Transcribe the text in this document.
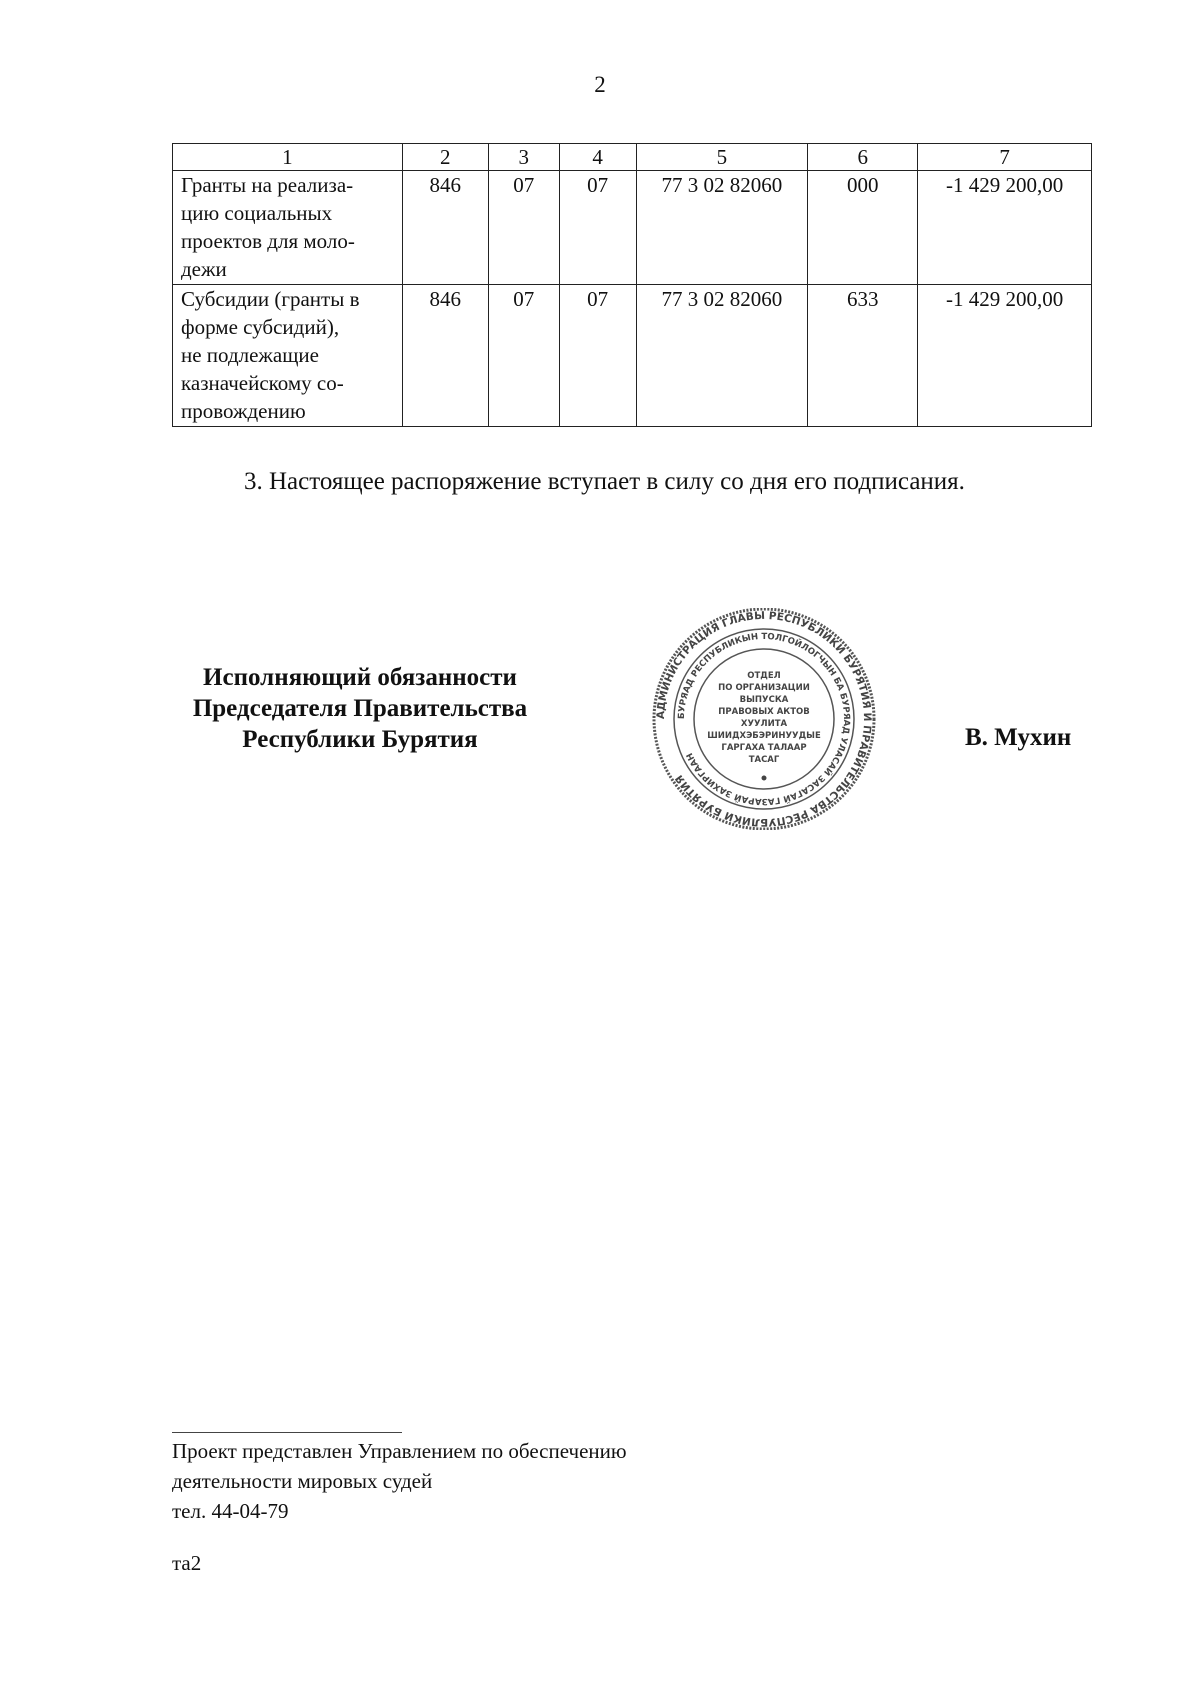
2
1	2	3	4	5	6	7

Гранты на реализа-
цию социальных
проектов для моло-
дежи	846	07	07	77 3 02 82060	000	-1 429 200,00

Субсидии (гранты в
форме субсидий),
не подлежащие
казначейскому со-
провождению	846	07	07	77 3 02 82060	633	-1 429 200,00
3. Настоящее распоряжение вступает в силу со дня его подписания.
Исполняющий обязанности
Председателя Правительства
Республики Бурятия
АДМИНИСТРАЦИЯ ГЛАВЫ РЕСПУБЛИКИ БУРЯТИЯ И ПРАВИТЕЛЬСТВА РЕСПУБЛИКИ БУРЯТИЯ
БУРЯАД РЕСПУБЛИКЫН ТОЛГОЙЛОГЧЫН БА БУРЯАД УЛАСАЙ ЗАСАГАЙ ГАЗАРАЙ ЗАХИРГААН
ОТДЕЛ
ПО ОРГАНИЗАЦИИ
ВЫПУСКА
ПРАВОВЫХ АКТОВ
ХУУЛИТА
ШИИДХЭБЭРИНУУДЫЕ
ГАРГАХА ТАЛААР
ТАСАГ
В. Мухин
Проект представлен Управлением по обеспечению
деятельности мировых судей
тел. 44-04-79
та2
